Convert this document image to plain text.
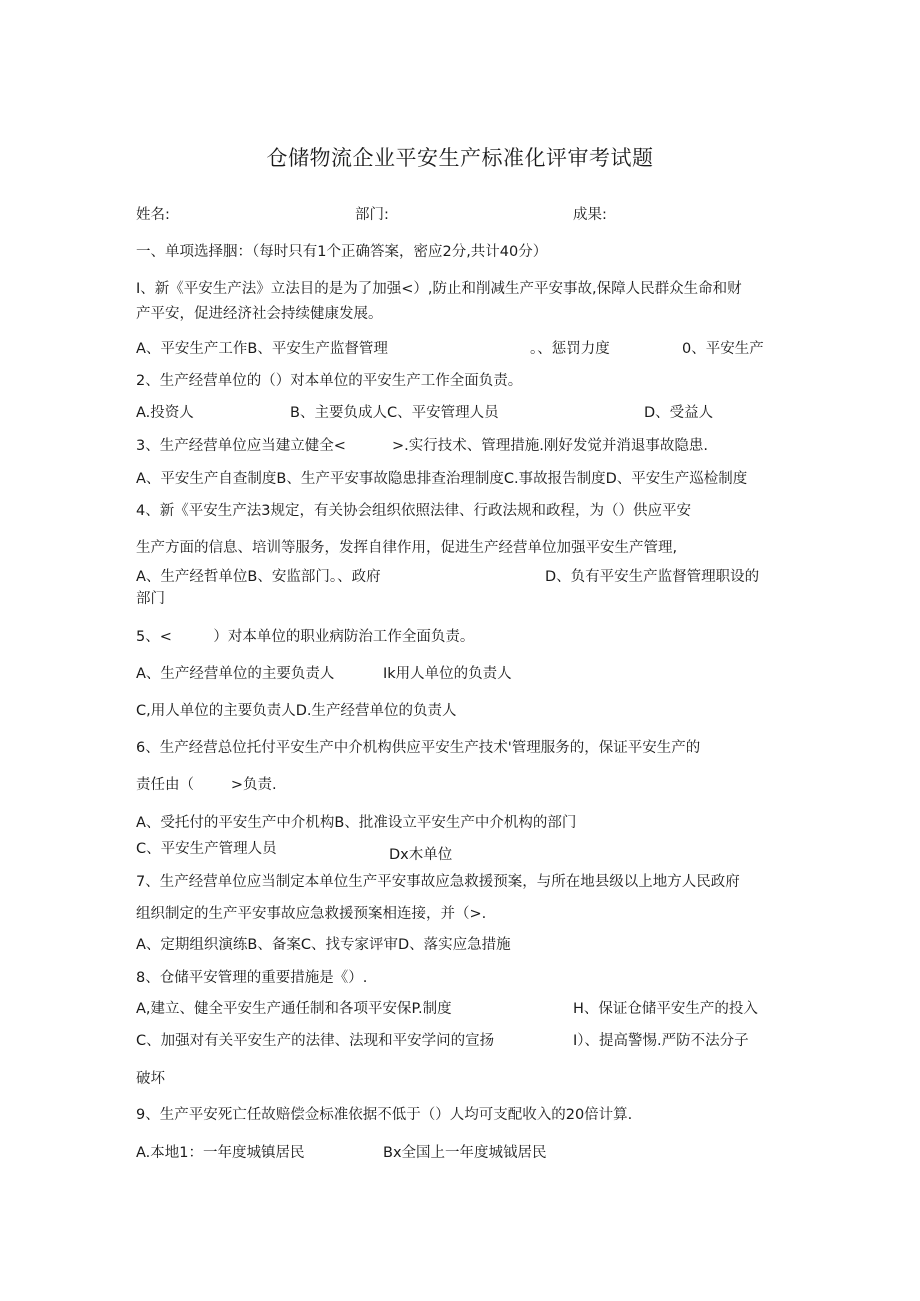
仓储物流企业平安生产标准化评审考试题
姓名:	部门:	成果:
一、单项选择胭：（每时只有1个正确答案，密应2分,共计40分）
I、新《平安生产法》立法目的是为了加强<）,防止和削减生产平安事故,保障人民群众生命和财
产平安，促进经济社会持续健康发展。
A、平安生产工作B、平安生产监督管理	。、惩罚力度	0、平安生产
2、生产经营单位的（）对本单位的平安生产工作全面负责。
A.投资人	B、主要负成人C、平安管理人员	D、受益人
3、生产经营单位应当建立健全<          >.实行技术、管理措施.刚好发觉并消退事故隐患.
A、平安生产自查制度B、生产平安事故隐患排查治理制度C.事故报告制度D、平安生产巡检制度
4、新《平安生产法3规定，有关协会组织依照法律、行政法规和政程，为（）供应平安
生产方面的信息、培训等服务，发挥自律作用，促进生产经营单位加强平安生产管理,
A、生产经哲单位B、安监部门。、政府	D、负有平安生产监督管理职设的
部门
5、<         ）对本单位的职业病防治工作全面负责。
A、生产经营单位的主要负责人	Ik用人单位的负责人
C,用人单位的主要负责人D.生产经营单位的负责人
6、生产经营总位托付平安生产中介机构供应平安生产技术'管理服务的，保证平安生产的
责任由（        >负责.
A、受托付的平安生产中介机构B、批准设立平安生产中介机构的部门
C、平安生产管理人员	Dx木单位
7、生产经营单位应当制定本单位生产平安事故应急救援预案，与所在地县级以上地方人民政府
组织制定的生产平安事故应急救援预案相连接，并（>.
A、定期组织演练B、备案C、找专家评审D、落实应急措施
8、仓储平安管理的重要措施是《）.
A,建立、健全平安生产通任制和各项平安保P.制度	H、保证仓储平安生产的投入
C、加强对有关平安生产的法律、法现和平安学问的宣扬	I）、提高警惕.严防不法分子
破坏
9、生产平安死亡任故赔偿佥标准依据不低于（）人均可支配收入的20倍计算.
A.本地1：一年度城镇居民	Bx全国上一年度城钺居民
